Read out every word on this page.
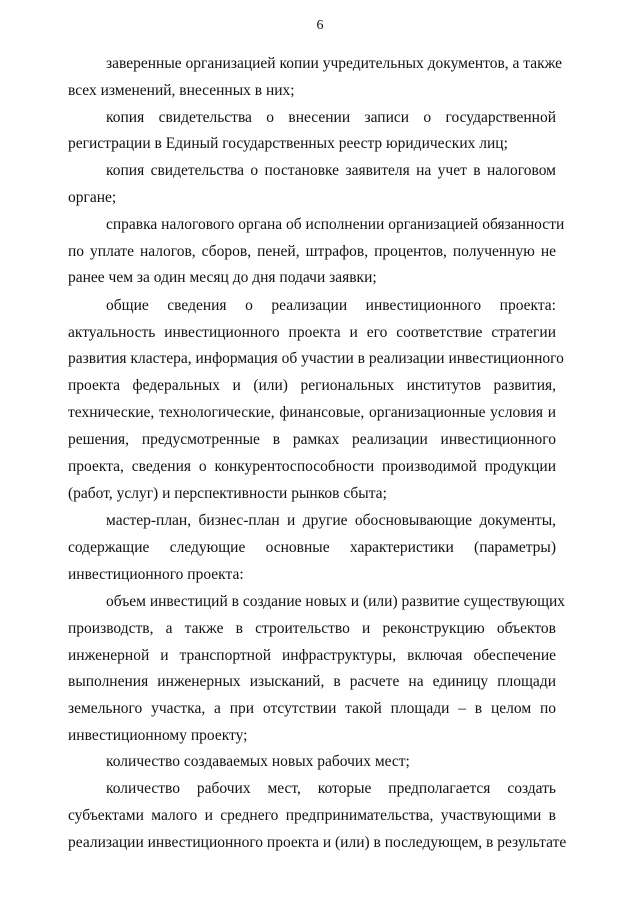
6
заверенные организацией копии учредительных документов, а также
всех изменений, внесенных в них;
копия свидетельства о внесении записи о государственной
регистрации в Единый государственных реестр юридических лиц;
копия свидетельства о постановке заявителя на учет в налоговом
органе;
справка налогового органа об исполнении организацией обязанности
по уплате налогов, сборов, пеней, штрафов, процентов, полученную не
ранее чем за один месяц до дня подачи заявки;
общие сведения о реализации инвестиционного проекта:
актуальность инвестиционного проекта и его соответствие стратегии
развития кластера, информация об участии в реализации инвестиционного
проекта федеральных и (или) региональных институтов развития,
технические, технологические, финансовые, организационные условия и
решения, предусмотренные в рамках реализации инвестиционного
проекта, сведения о конкурентоспособности производимой продукции
(работ, услуг) и перспективности рынков сбыта;
мастер-план, бизнес-план и другие обосновывающие документы,
содержащие следующие основные характеристики (параметры)
инвестиционного проекта:
объем инвестиций в создание новых и (или) развитие существующих
производств, а также в строительство и реконструкцию объектов
инженерной и транспортной инфраструктуры, включая обеспечение
выполнения инженерных изысканий, в расчете на единицу площади
земельного участка, а при отсутствии такой площади – в целом по
инвестиционному проекту;
количество создаваемых новых рабочих мест;
количество рабочих мест, которые предполагается создать
субъектами малого и среднего предпринимательства, участвующими в
реализации инвестиционного проекта и (или) в последующем, в результате
